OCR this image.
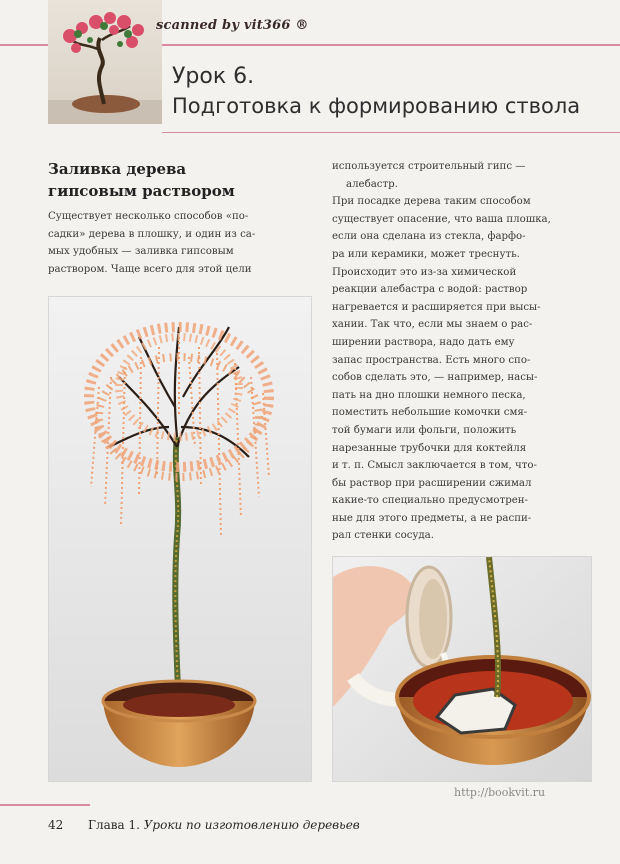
scanned by vit366 ®
Урок 6.
Подготовка к формированию ствола
Заливка дерева
гипсовым раствором
Существует несколько способов «по-
садки» дерева в плошку, и один из са-
мых удобных — заливка гипсовым
раствором. Чаще всего для этой цели
используется строительный гипс —
алебастр.
При посадке дерева таким способом
существует опасение, что ваша плошка,
если она сделана из стекла, фарфо-
ра или керамики, может треснуть.
Происходит это из-за химической
реакции алебастра с водой: раствор
нагревается и расширяется при высы-
хании. Так что, если мы знаем о рас-
ширении раствора, надо дать ему
запас пространства. Есть много спо-
собов сделать это, — например, насы-
пать на дно плошки немного песка,
поместить небольшие комочки смя-
той бумаги или фольги, положить
нарезанные трубочки для коктейля
и т. п. Смысл заключается в том, что-
бы раствор при расширении сжимал
какие-то специально предусмотрен-
ные для этого предметы, а не распи-
рал стенки сосуда.
http://bookvit.ru
42 Глава 1. Уроки по изготовлению деревьев
